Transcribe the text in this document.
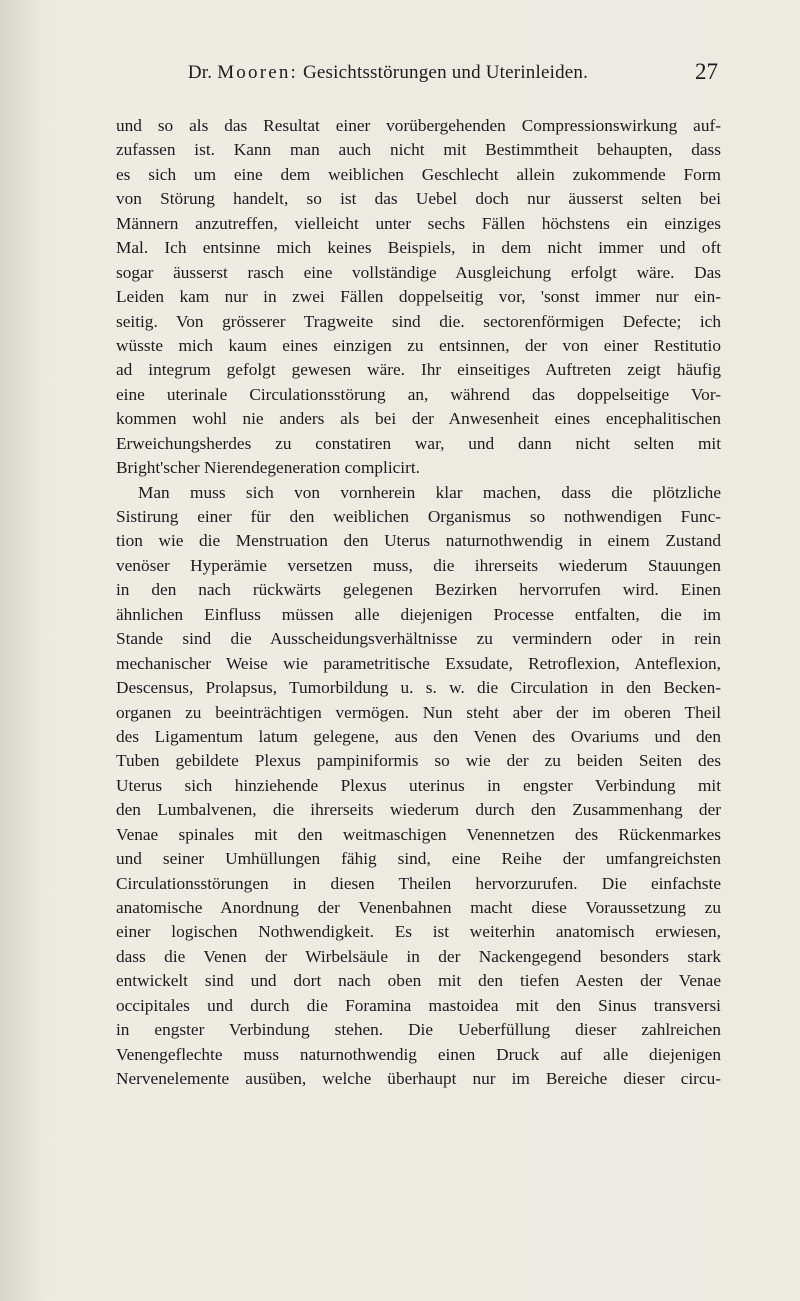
Dr. Mooren: Gesichtsstörungen und Uterinleiden.	27
und so als das Resultat einer vorübergehenden Compressionswirkung auf-
zufassen ist. Kann man auch nicht mit Bestimmtheit behaupten, dass
es sich um eine dem weiblichen Geschlecht allein zukommende Form
von Störung handelt, so ist das Uebel doch nur äusserst selten bei
Männern anzutreffen, vielleicht unter sechs Fällen höchstens ein einziges
Mal. Ich entsinne mich keines Beispiels, in dem nicht immer und oft
sogar äusserst rasch eine vollständige Ausgleichung erfolgt wäre. Das
Leiden kam nur in zwei Fällen doppelseitig vor, 'sonst immer nur ein-
seitig. Von grösserer Tragweite sind die. sectorenförmigen Defecte; ich
wüsste mich kaum eines einzigen zu entsinnen, der von einer Restitutio
ad integrum gefolgt gewesen wäre. Ihr einseitiges Auftreten zeigt häufig
eine uterinale Circulationsstörung an, während das doppelseitige Vor-
kommen wohl nie anders als bei der Anwesenheit eines encephalitischen
Erweichungsherdes zu constatiren war, und dann nicht selten mit
Bright'scher Nierendegeneration complicirt.
Man muss sich von vornherein klar machen, dass die plötzliche
Sistirung einer für den weiblichen Organismus so nothwendigen Func-
tion wie die Menstruation den Uterus naturnothwendig in einem Zustand
venöser Hyperämie versetzen muss, die ihrerseits wiederum Stauungen
in den nach rückwärts gelegenen Bezirken hervorrufen wird. Einen
ähnlichen Einfluss müssen alle diejenigen Processe entfalten, die im
Stande sind die Ausscheidungsverhältnisse zu vermindern oder in rein
mechanischer Weise wie parametritische Exsudate, Retroflexion, Anteflexion,
Descensus, Prolapsus, Tumorbildung u. s. w. die Circulation in den Becken-
organen zu beeinträchtigen vermögen. Nun steht aber der im oberen Theil
des Ligamentum latum gelegene, aus den Venen des Ovariums und den
Tuben gebildete Plexus pampiniformis so wie der zu beiden Seiten des
Uterus sich hinziehende Plexus uterinus in engster Verbindung mit
den Lumbalvenen, die ihrerseits wiederum durch den Zusammenhang der
Venae spinales mit den weitmaschigen Venennetzen des Rückenmarkes
und seiner Umhüllungen fähig sind, eine Reihe der umfangreichsten
Circulationsstörungen in diesen Theilen hervorzurufen. Die einfachste
anatomische Anordnung der Venenbahnen macht diese Voraussetzung zu
einer logischen Nothwendigkeit. Es ist weiterhin anatomisch erwiesen,
dass die Venen der Wirbelsäule in der Nackengegend besonders stark
entwickelt sind und dort nach oben mit den tiefen Aesten der Venae
occipitales und durch die Foramina mastoidea mit den Sinus transversi
in engster Verbindung stehen. Die Ueberfüllung dieser zahlreichen
Venengeflechte muss naturnothwendig einen Druck auf alle diejenigen
Nervenelemente ausüben, welche überhaupt nur im Bereiche dieser circu-
